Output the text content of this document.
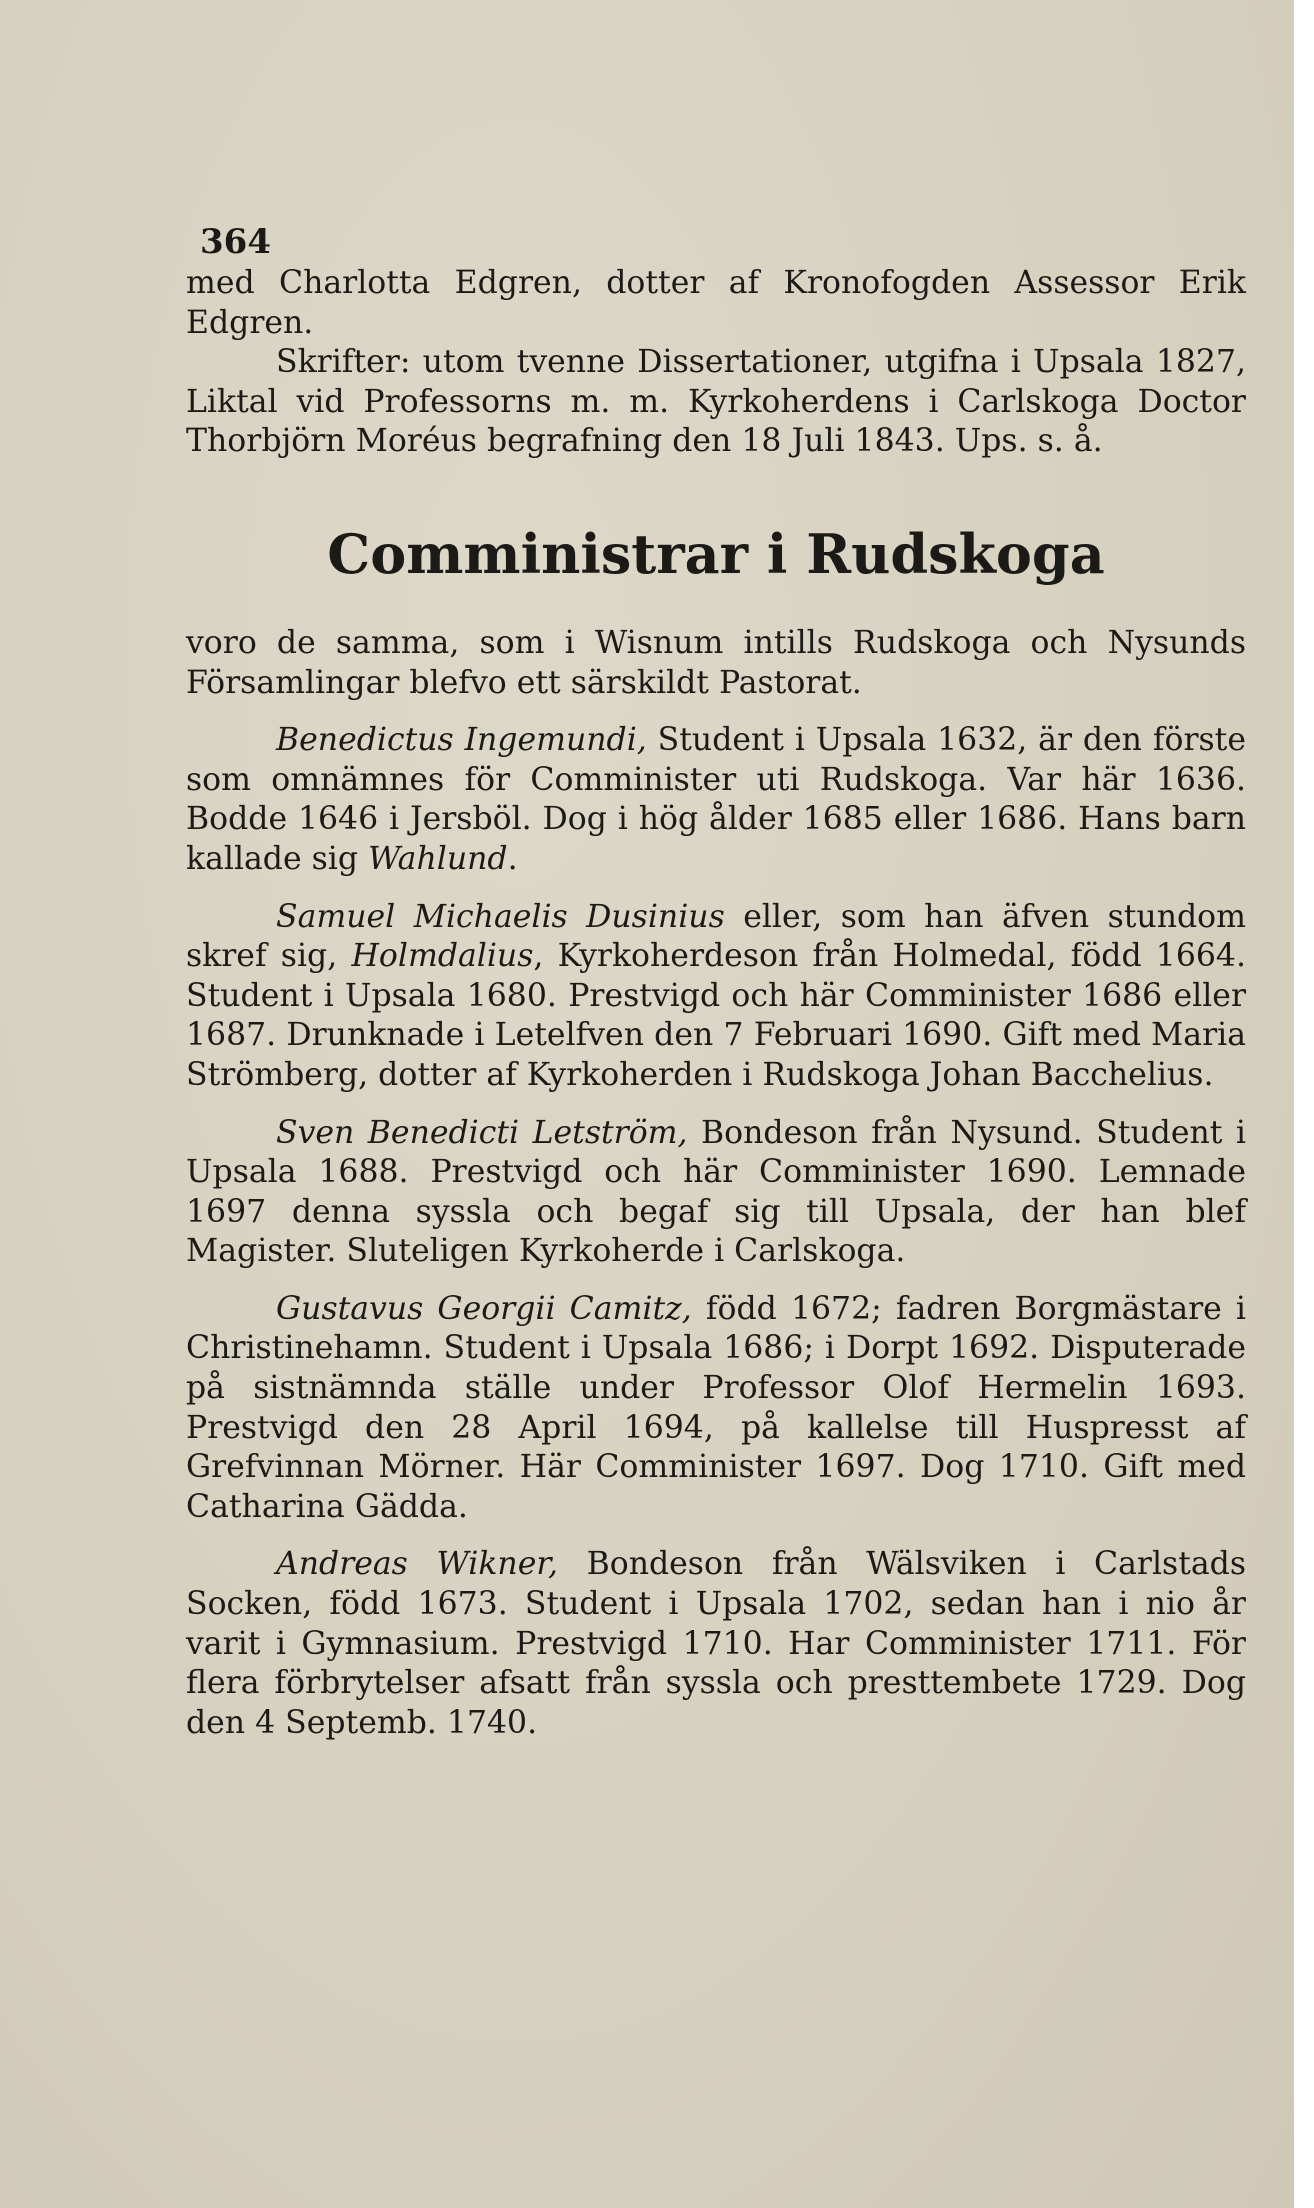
364

med Charlotta Edgren, dotter af Kronofogden Assessor Erik Edgren.

Skrifter: utom tvenne Dissertationer, utgifna i Upsala 1827, Liktal vid Professorns m. m. Kyrkoherdens i Carlskoga Doctor Thorbjörn Moréus begrafning den 18 Juli 1843. Ups. s. å.

Comministrar i Rudskoga

voro de samma, som i Wisnum intills Rudskoga och Nysunds Församlingar blefvo ett särskildt Pastorat.

Benedictus Ingemundi, Student i Upsala 1632, är den förste som omnämnes för Comminister uti Rudskoga. Var här 1636. Bodde 1646 i Jersböl. Dog i hög ålder 1685 eller 1686. Hans barn kallade sig Wahlund.

Samuel Michaelis Dusinius eller, som han äfven stundom skref sig, Holmdalius, Kyrkoherdeson från Holmedal, född 1664. Student i Upsala 1680. Prestvigd och här Comminister 1686 eller 1687. Drunknade i Letelfven den 7 Februari 1690. Gift med Maria Strömberg, dotter af Kyrkoherden i Rudskoga Johan Bacchelius.

Sven Benedicti Letström, Bondeson från Nysund. Student i Upsala 1688. Prestvigd och här Comminister 1690. Lemnade 1697 denna syssla och begaf sig till Upsala, der han blef Magister. Sluteligen Kyrkoherde i Carlskoga.

Gustavus Georgii Camitz, född 1672; fadren Borgmästare i Christinehamn. Student i Upsala 1686; i Dorpt 1692. Disputerade på sistnämnda ställe under Professor Olof Hermelin 1693. Prestvigd den 28 April 1694, på kallelse till Huspresst af Grefvinnan Mörner. Här Comminister 1697. Dog 1710. Gift med Catharina Gädda.

Andreas Wikner, Bondeson från Wälsviken i Carlstads Socken, född 1673. Student i Upsala 1702, sedan han i nio år varit i Gymnasium. Prestvigd 1710. Har Comminister 1711. För flera förbrytelser afsatt från syssla och presttembete 1729. Dog den 4 Septemb. 1740.
